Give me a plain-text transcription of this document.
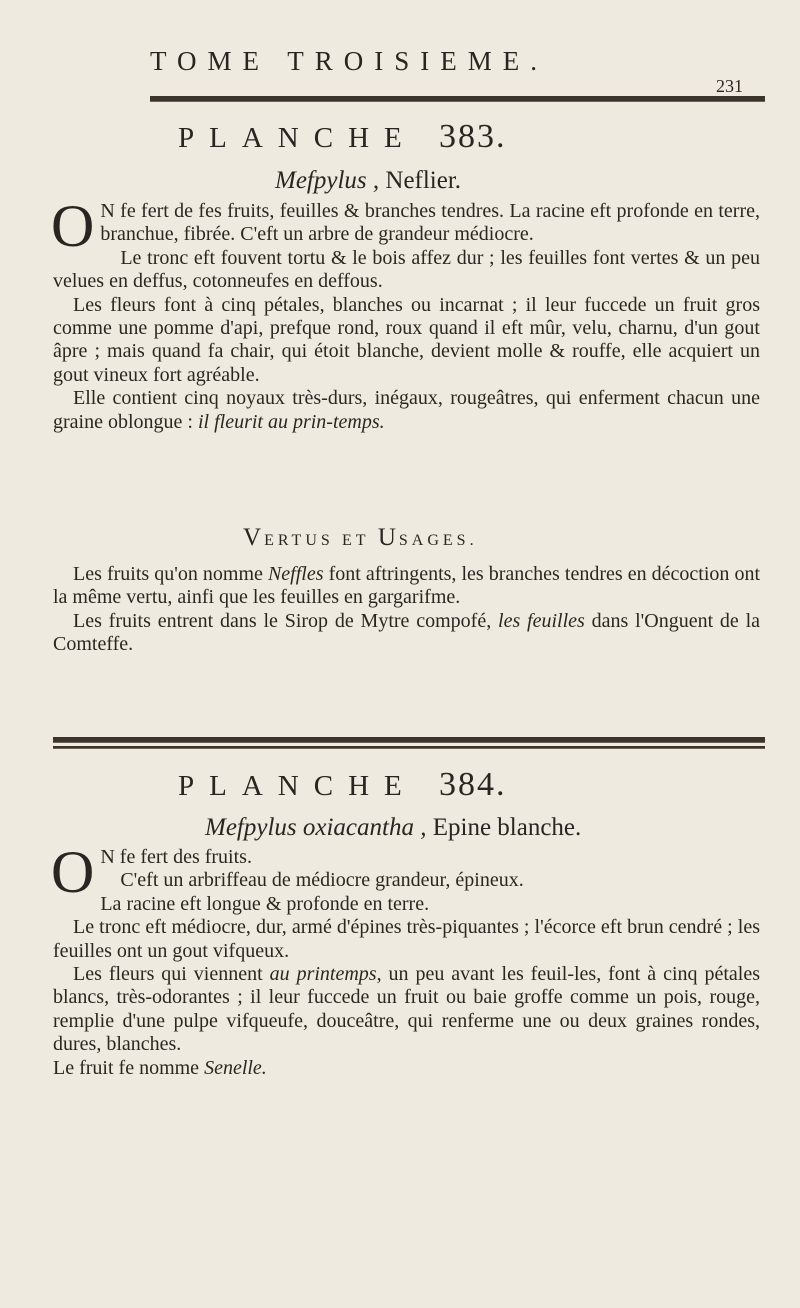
TOME TROISIEME.
231
PLANCHE 383.
Mefpylus , Neflier.

O N fe fert de fes fruits, feuilles & branches tendres. La racine eft profonde en terre, branchue, fibrée. C'eft un arbre de grandeur médiocre.

Le tronc eft fouvent tortu & le bois affez dur ; les feuilles font vertes & un peu velues en deffus, cotonneufes en deffous.

Les fleurs font à cinq pétales, blanches ou incarnat ; il leur fuccede un fruit gros comme une pomme d'api, prefque rond, roux quand il eft mûr, velu, charnu, d'un gout âpre ; mais quand fa chair, qui étoit blanche, devient molle & rouffe, elle acquiert un gout vineux fort agréable.

Elle contient cinq noyaux très-durs, inégaux, rougeâtres, qui enferment chacun une graine oblongue : il fleurit au prin-temps.

VERTUS ET USAGES.

Les fruits qu'on nomme Neffles font aftringents, les branches tendres en décoction ont la même vertu, ainfi que les feuilles en gargarifme.

Les fruits entrent dans le Sirop de Mytre compofé, les feuilles dans l'Onguent de la Comteffe.

PLANCHE 384.
Mefpylus oxiacantha , Epine blanche.

O N fe fert des fruits.

C'eft un arbriffeau de médiocre grandeur, épineux.

La racine eft longue & profonde en terre.

Le tronc eft médiocre, dur, armé d'épines très-piquantes ; l'écorce eft brun cendré ; les feuilles ont un gout vifqueux.

Les fleurs qui viennent au printemps, un peu avant les feuil-les, font à cinq pétales blancs, très-odorantes ; il leur fuccede un fruit ou baie groffe comme un pois, rouge, remplie d'une pulpe vifqueufe, douceâtre, qui renferme une ou deux graines rondes, dures, blanches.

Le fruit fe nomme Senelle.
